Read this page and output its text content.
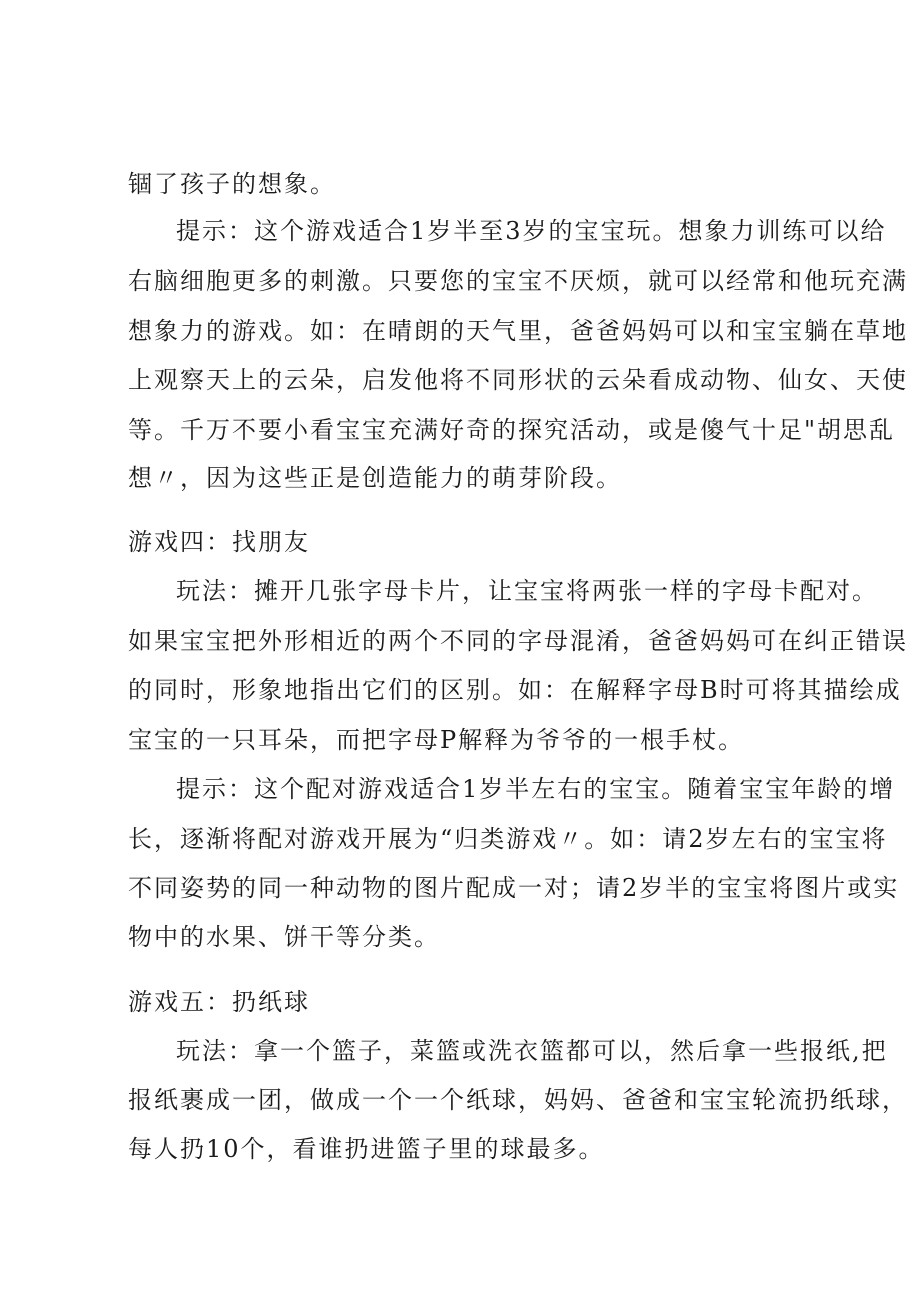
锢了孩子的想象。
提示：这个游戏适合1岁半至3岁的宝宝玩。想象力训练可以给
右脑细胞更多的刺激。只要您的宝宝不厌烦，就可以经常和他玩充满
想象力的游戏。如：在晴朗的天气里，爸爸妈妈可以和宝宝躺在草地
上观察天上的云朵，启发他将不同形状的云朵看成动物、仙女、天使
等。千万不要小看宝宝充满好奇的探究活动，或是傻气十足"胡思乱
想〃，因为这些正是创造能力的萌芽阶段。
游戏四：找朋友
玩法：摊开几张字母卡片，让宝宝将两张一样的字母卡配对。
如果宝宝把外形相近的两个不同的字母混淆，爸爸妈妈可在纠正错误
的同时，形象地指出它们的区别。如：在解释字母B时可将其描绘成
宝宝的一只耳朵，而把字母P解释为爷爷的一根手杖。
提示：这个配对游戏适合1岁半左右的宝宝。随着宝宝年龄的增
长，逐渐将配对游戏开展为“归类游戏〃。如：请2岁左右的宝宝将
不同姿势的同一种动物的图片配成一对；请2岁半的宝宝将图片或实
物中的水果、饼干等分类。
游戏五：扔纸球
玩法：拿一个篮子，菜篮或洗衣篮都可以，然后拿一些报纸,把
报纸裹成一团，做成一个一个纸球，妈妈、爸爸和宝宝轮流扔纸球，
每人扔10个，看谁扔进篮子里的球最多。
